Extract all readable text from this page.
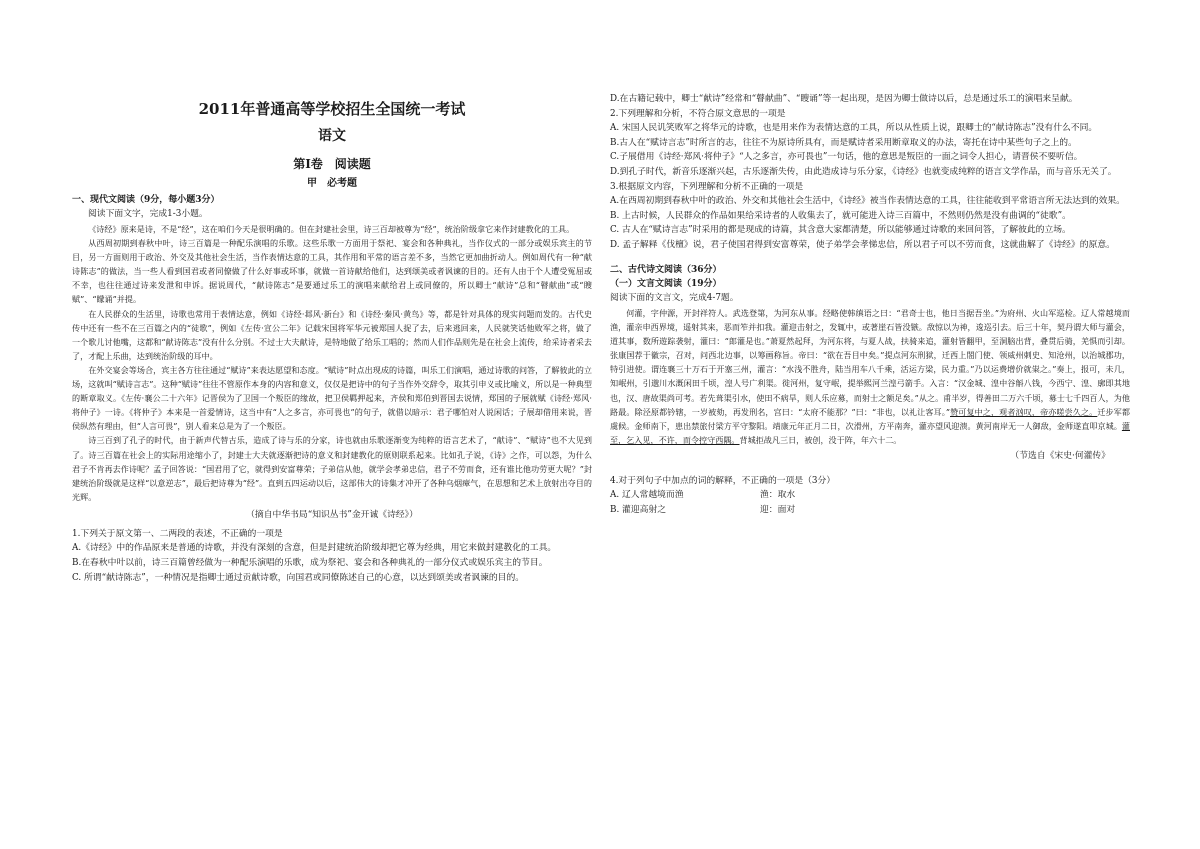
2011年普通高等学校招生全国统一考试
语文
第Ⅰ卷　阅读题
甲　必考题
一、现代文阅读（9分，每小题3分）
阅读下面文字，完成1-3小题。
《诗经》原来是诗，不是“经”，这在咱们今天是很明确的。但在封建社会里，诗三百却被尊为“经”，统治阶级拿它来作封建教化的工具。
从西周初期到春秋中叶，诗三百篇是一种配乐演唱的乐歌。这些乐歌一方面用于祭祀、宴会和各种典礼，当作仪式的一部分或娱乐宾主的节目，另一方面则用于政治、外交及其他社会生活，当作表情达意的工具，其作用和平常的语言差不多，当然它更加曲折动人。例如周代有一种“献诗陈志”的做法，当一些人看到国君或者同僚做了什么好事或坏事，就做一首诗献给他们，达到颂美或者讽谏的目的。还有人由于个人遭受冤屈或不幸，也往往通过诗来发泄和申诉。据说周代，“献诗陈志”是要通过乐工的演唱来献给君上或同僚的，所以卿士“献诗”总和“瞽献曲”或“瞍赋”、“矇诵”并提。
在人民群众的生活里，诗歌也常用于表情达意，例如《诗经·邶风·新台》和《诗经·秦风·黄鸟》等，都是针对具体的现实问题而发的。古代史传中还有一些不在三百篇之内的“徒歌”，例如《左传·宣公二年》记载宋国将军华元被郑国人捉了去，后来逃回来，人民就笑话他败军之将，做了一个歌儿讨他嘴，这都和“献诗陈志”没有什么分别。不过士大夫献诗，是特地做了给乐工唱的；然而人们作品则先是在社会上流传，给采诗者采去了，才配上乐曲，达到统治阶级的耳中。
在外交宴会等场合，宾主各方往往通过“赋诗”来表达愿望和态度。“赋诗”时点出现成的诗篇，叫乐工们演唱，通过诗歌的问答，了解彼此的立场，这就叫“赋诗言志”。这种“赋诗”往往不管原作本身的内容和意义，仅仅是把诗中的句子当作外交辞令，取其引申义或比喻义，所以是一种典型的断章取义。《左传·襄公二十六年》记晋侯为了卫国一个叛臣的缘故，把卫侯羁押起来，齐侯和郑伯到晋国去说情，郑国的子展就赋《诗经·郑风·将仲子》一诗。《将仲子》本来是一首爱情诗，这当中有“人之多言，亦可畏也”的句子，就借以暗示：君子哪怕对人说闲话；子展却借用来说，晋侯纵然有理由，但“人言可畏”，别人看来总是为了一个叛臣。
诗三百到了孔子的时代，由于新声代替古乐，造成了诗与乐的分家，诗也就由乐歌逐渐变为纯粹的语言艺术了，“献诗”、“赋诗”也不大见到了。诗三百篇在社会上的实际用途缩小了，封建士大夫就逐渐把诗的意义和封建教化的原则联系起来。比如孔子说，《诗》之作，可以怨，为什么君子不肯再去作诗呢？孟子回答说：“国君用了它，就得到安富尊荣；子弟信从他，就学会孝弟忠信，君子不劳而食，还有谁比他功劳更大呢？”封建统治阶级就是这样“以意逆志”，最后把诗尊为“经”。直到五四运动以后，这部伟大的诗集才冲开了各种乌烟瘴气，在思想和艺术上放射出夺目的光辉。
（摘自中华书局“知识丛书”金开诚《诗经》）
1.下列关于原文第一、二两段的表述，不正确的一项是
A.《诗经》中的作品原来是普通的诗歌，并没有深刻的含意，但是封建统治阶级却把它尊为经典，用它来做封建教化的工具。
B.在春秋中叶以前，诗三百篇曾经做为一种配乐演唱的乐歌，成为祭祀、宴会和各种典礼的一部分仪式或娱乐宾主的节目。
C. 所谓“献诗陈志”，一种情况是指卿士通过贡献诗歌，向国君或同僚陈述自己的心意，以达到颂美或者讽谏的目的。
D.在古籍记载中，卿士“献诗”经常和“瞽献曲”、“瞍诵”等一起出现，是因为卿士做诗以后，总是通过乐工的演唱来呈献。
2.下列理解和分析，不符合原文意思的一项是
A. 宋国人民讥笑败军之将华元的诗歌，也是用来作为表情达意的工具，所以从性质上说，跟卿士的“献诗陈志”没有什么不同。
B.古人在“赋诗言志”时所言的志，往往不为原诗所具有，而是赋诗者采用断章取义的办法，寄托在诗中某些句子之上的。
C.子展借用《诗经·郑风·将仲子》“人之多言，亦可畏也”一句话，他的意思是叛臣的一面之词令人担心，请晋侯不要听信。
D.到孔子时代，新音乐逐渐兴起，古乐逐渐失传，由此造成诗与乐分家，《诗经》也就变成纯粹的语言文学作品，而与音乐无关了。
3.根据原文内容，下列理解和分析不正确的一项是
A.在西周初期到春秋中叶的政治、外交和其他社会生活中，《诗经》被当作表情达意的工具，往往能收到平常语言所无法达到的效果。
B. 上古时候，人民群众的作品如果给采诗者的人收集去了，就可能进入诗三百篇中，不然则仍然是没有曲调的“徒歌”。
C. 古人在“赋诗言志”时采用的都是现成的诗篇，其含意大家都清楚，所以能够通过诗歌的来回问答，了解彼此的立场。
D. 孟子解释《伐檀》说，君子使国君得到安富尊荣，使子弟学会孝悌忠信，所以君子可以不劳而食，这就曲解了《诗经》的原意。
二、古代诗文阅读（36分）
（一）文言文阅读（19分）
阅读下面的文言文，完成4-7题。
何灌，字仲源，开封祥符人。武选登第，为河东从事。经略使韩缜语之曰：“君奇士也，他日当据吾坐。”为府州、火山军巡检。辽人常越境而渔，灌亲申西界境，遥射其来，恶而笮并扣我。灌迎击射之，发辄中，或著崖石皆没镞。敌惊以为神，逡巡引去。后三十年，契丹谓大师与灌会，道其事，数所遊踪袭射，灌曰：“郎灌是也。”萧夏然起拜，为河东将，与夏人战，扶骑来追，灌射皆翻甲，至洞脑出背，叠贯后骑，羌惧而引却。张康国荐于徽宗，召对，问西北边事，以筹画称旨。帝曰：“欲在吾目中矣。”提点河东刑狱，迁西上閤门使、领威州刺史、知沧州，以治城郡功，特引进使。谓连襄三十万石于开塞三州，灌言：“水浅不胜舟，陆当用车八千乘，活运方梁，民力重。”乃以运费增价就粜之。”奏上，报可，未几，知岷州，引邈川水溉闲田千顷，湟人号广利渠。徙河州，复守岷，提举熙河兰湟弓箭手。入言：“汉金城、湟中谷斛八钱，今西宁、湟、廓即其地也，汉、唐故渠尚可考。若先葺渠引水，使田不病旱，则人乐应募，而射士之额足矣。”从之。甫半岁，得善田二万六千顷，募士七千四百人，为他路最。除泾原都钤辖，一岁被劾，再发刑名，宫曰：“太府不能那？”曰：“非也，以礼让客耳。”赞可复中之，观者汹叹，帝亦嗟尝久之。迁步军都虞候。金师南下，患出禁旅付梁方平守黎阳。靖康元年正月二日，次滑州，方平南奔，灌亦望风迎溃。黄河南岸无一人御敌，金师遂直叩京城。灌至，乞入见，不许，而令控守西隅。背城拒战凡三日，被创，没于阵，年六十二。
（节选自《宋史·何灌传》
4.对于列句子中加点的词的解释，不正确的一项是（3分）
A. 辽人常越境而渔	渔：取水
B. 灌迎高射之	迎：面对
